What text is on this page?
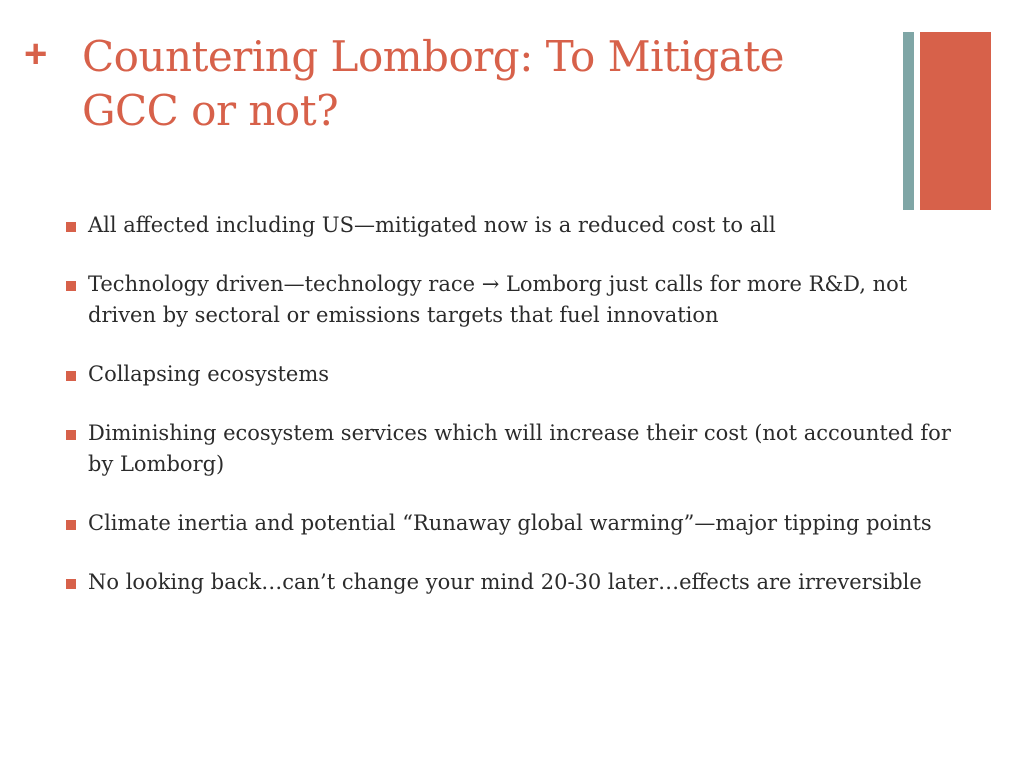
+ Countering Lomborg: To Mitigate GCC or not?
All affected including US—mitigated now is a reduced cost to all
Technology driven—technology race → Lomborg just calls for more R&D, not driven by sectoral or emissions targets that fuel innovation
Collapsing ecosystems
Diminishing ecosystem services which will increase their cost (not accounted for by Lomborg)
Climate inertia and potential “Runaway global warming”—major tipping points
No looking back…can’t change your mind 20-30 later…effects are irreversible
